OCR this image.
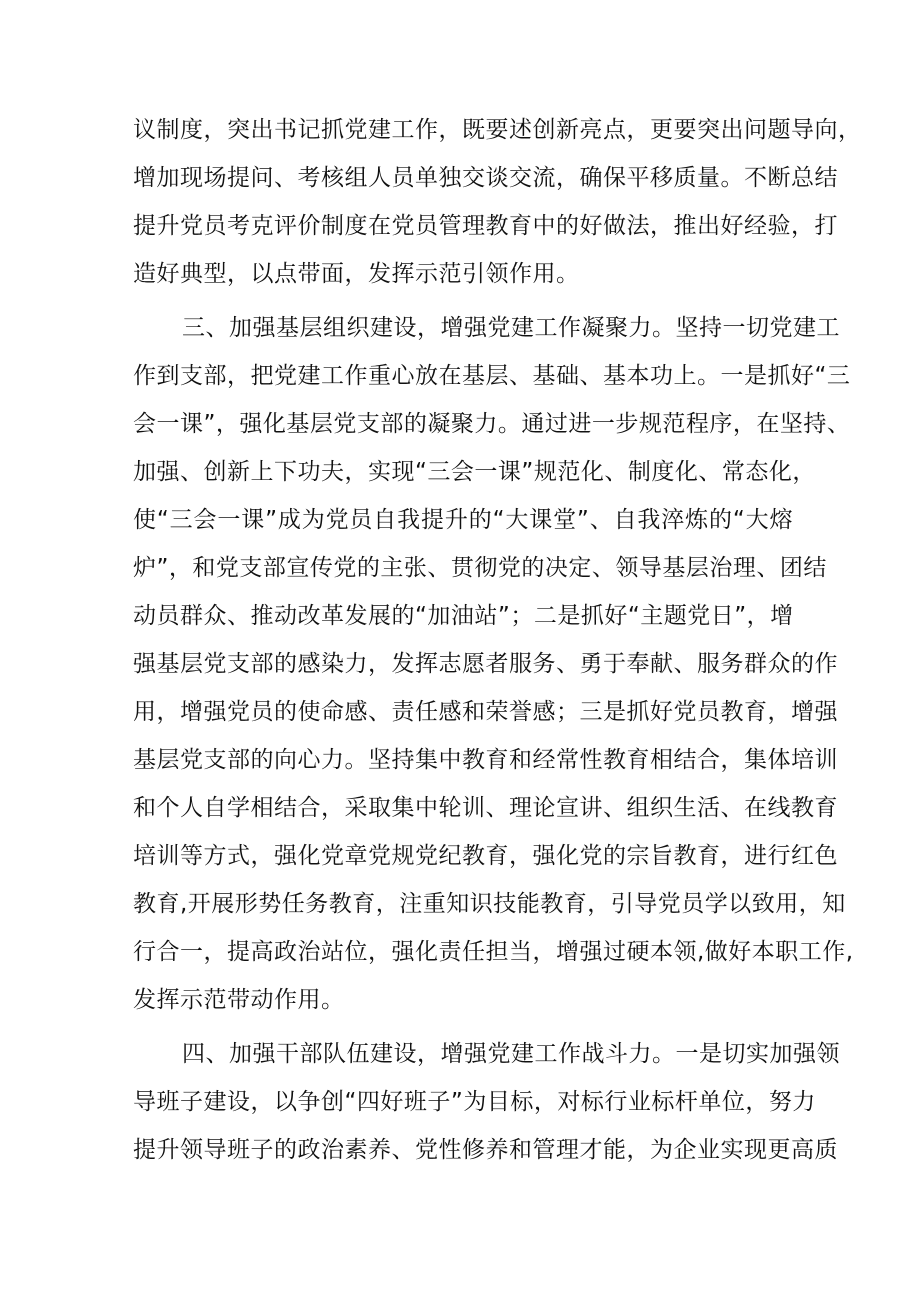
议制度，突出书记抓党建工作，既要述创新亮点，更要突出问题导向，
增加现场提问、考核组人员单独交谈交流，确保平移质量。不断总结
提升党员考克评价制度在党员管理教育中的好做法，推出好经验，打
造好典型，以点带面，发挥示范引领作用。
三、加强基层组织建设，增强党建工作凝聚力。坚持一切党建工
作到支部，把党建工作重心放在基层、基础、基本功上。一是抓好“三
会一课”，强化基层党支部的凝聚力。通过进一步规范程序，在坚持、
加强、创新上下功夫，实现“三会一课”规范化、制度化、常态化，
使“三会一课”成为党员自我提升的“大课堂”、自我淬炼的“大熔
炉”，和党支部宣传党的主张、贯彻党的决定、领导基层治理、团结
动员群众、推动改革发展的“加油站”；二是抓好“主题党日”，增
强基层党支部的感染力，发挥志愿者服务、勇于奉献、服务群众的作
用，增强党员的使命感、责任感和荣誉感；三是抓好党员教育，增强
基层党支部的向心力。坚持集中教育和经常性教育相结合，集体培训
和个人自学相结合，采取集中轮训、理论宣讲、组织生活、在线教育
培训等方式，强化党章党规党纪教育，强化党的宗旨教育，进行红色
教育,开展形势任务教育，注重知识技能教育，引导党员学以致用，知
行合一，提高政治站位，强化责任担当，增强过硬本领,做好本职工作,
发挥示范带动作用。
四、加强干部队伍建设，增强党建工作战斗力。一是切实加强领
导班子建设，以争创“四好班子”为目标，对标行业标杆单位，努力
提升领导班子的政治素养、党性修养和管理才能，为企业实现更高质
